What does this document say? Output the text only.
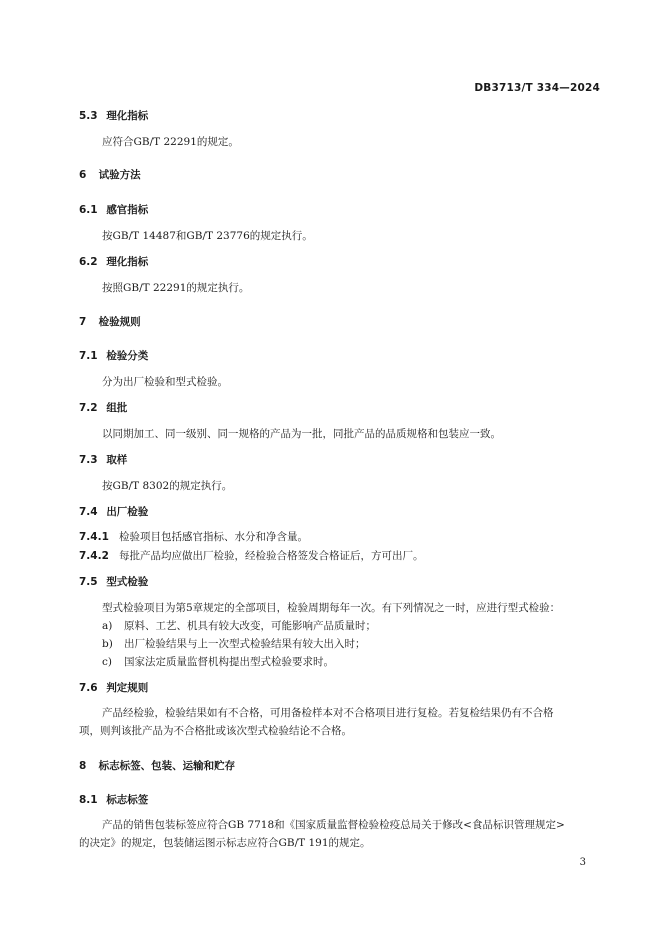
DB3713/T 334—2024
5.3 理化指标
应符合GB/T 22291的规定。
6 试验方法
6.1 感官指标
按GB/T 14487和GB/T 23776的规定执行。
6.2 理化指标
按照GB/T 22291的规定执行。
7 检验规则
7.1 检验分类
分为出厂检验和型式检验。
7.2 组批
以同期加工、同一级别、同一规格的产品为一批，同批产品的品质规格和包装应一致。
7.3 取样
按GB/T 8302的规定执行。
7.4 出厂检验
7.4.1 检验项目包括感官指标、水分和净含量。
7.4.2 每批产品均应做出厂检验，经检验合格签发合格证后，方可出厂。
7.5 型式检验
型式检验项目为第5章规定的全部项目，检验周期每年一次。有下列情况之一时，应进行型式检验：
a) 原料、工艺、机具有较大改变，可能影响产品质量时；
b) 出厂检验结果与上一次型式检验结果有较大出入时；
c) 国家法定质量监督机构提出型式检验要求时。
7.6 判定规则
产品经检验，检验结果如有不合格，可用备检样本对不合格项目进行复检。若复检结果仍有不合格
项，则判该批产品为不合格批或该次型式检验结论不合格。
8 标志标签、包装、运输和贮存
8.1 标志标签
产品的销售包装标签应符合GB 7718和《国家质量监督检验检疫总局关于修改<食品标识管理规定>
的决定》的规定，包装储运图示标志应符合GB/T 191的规定。
3
